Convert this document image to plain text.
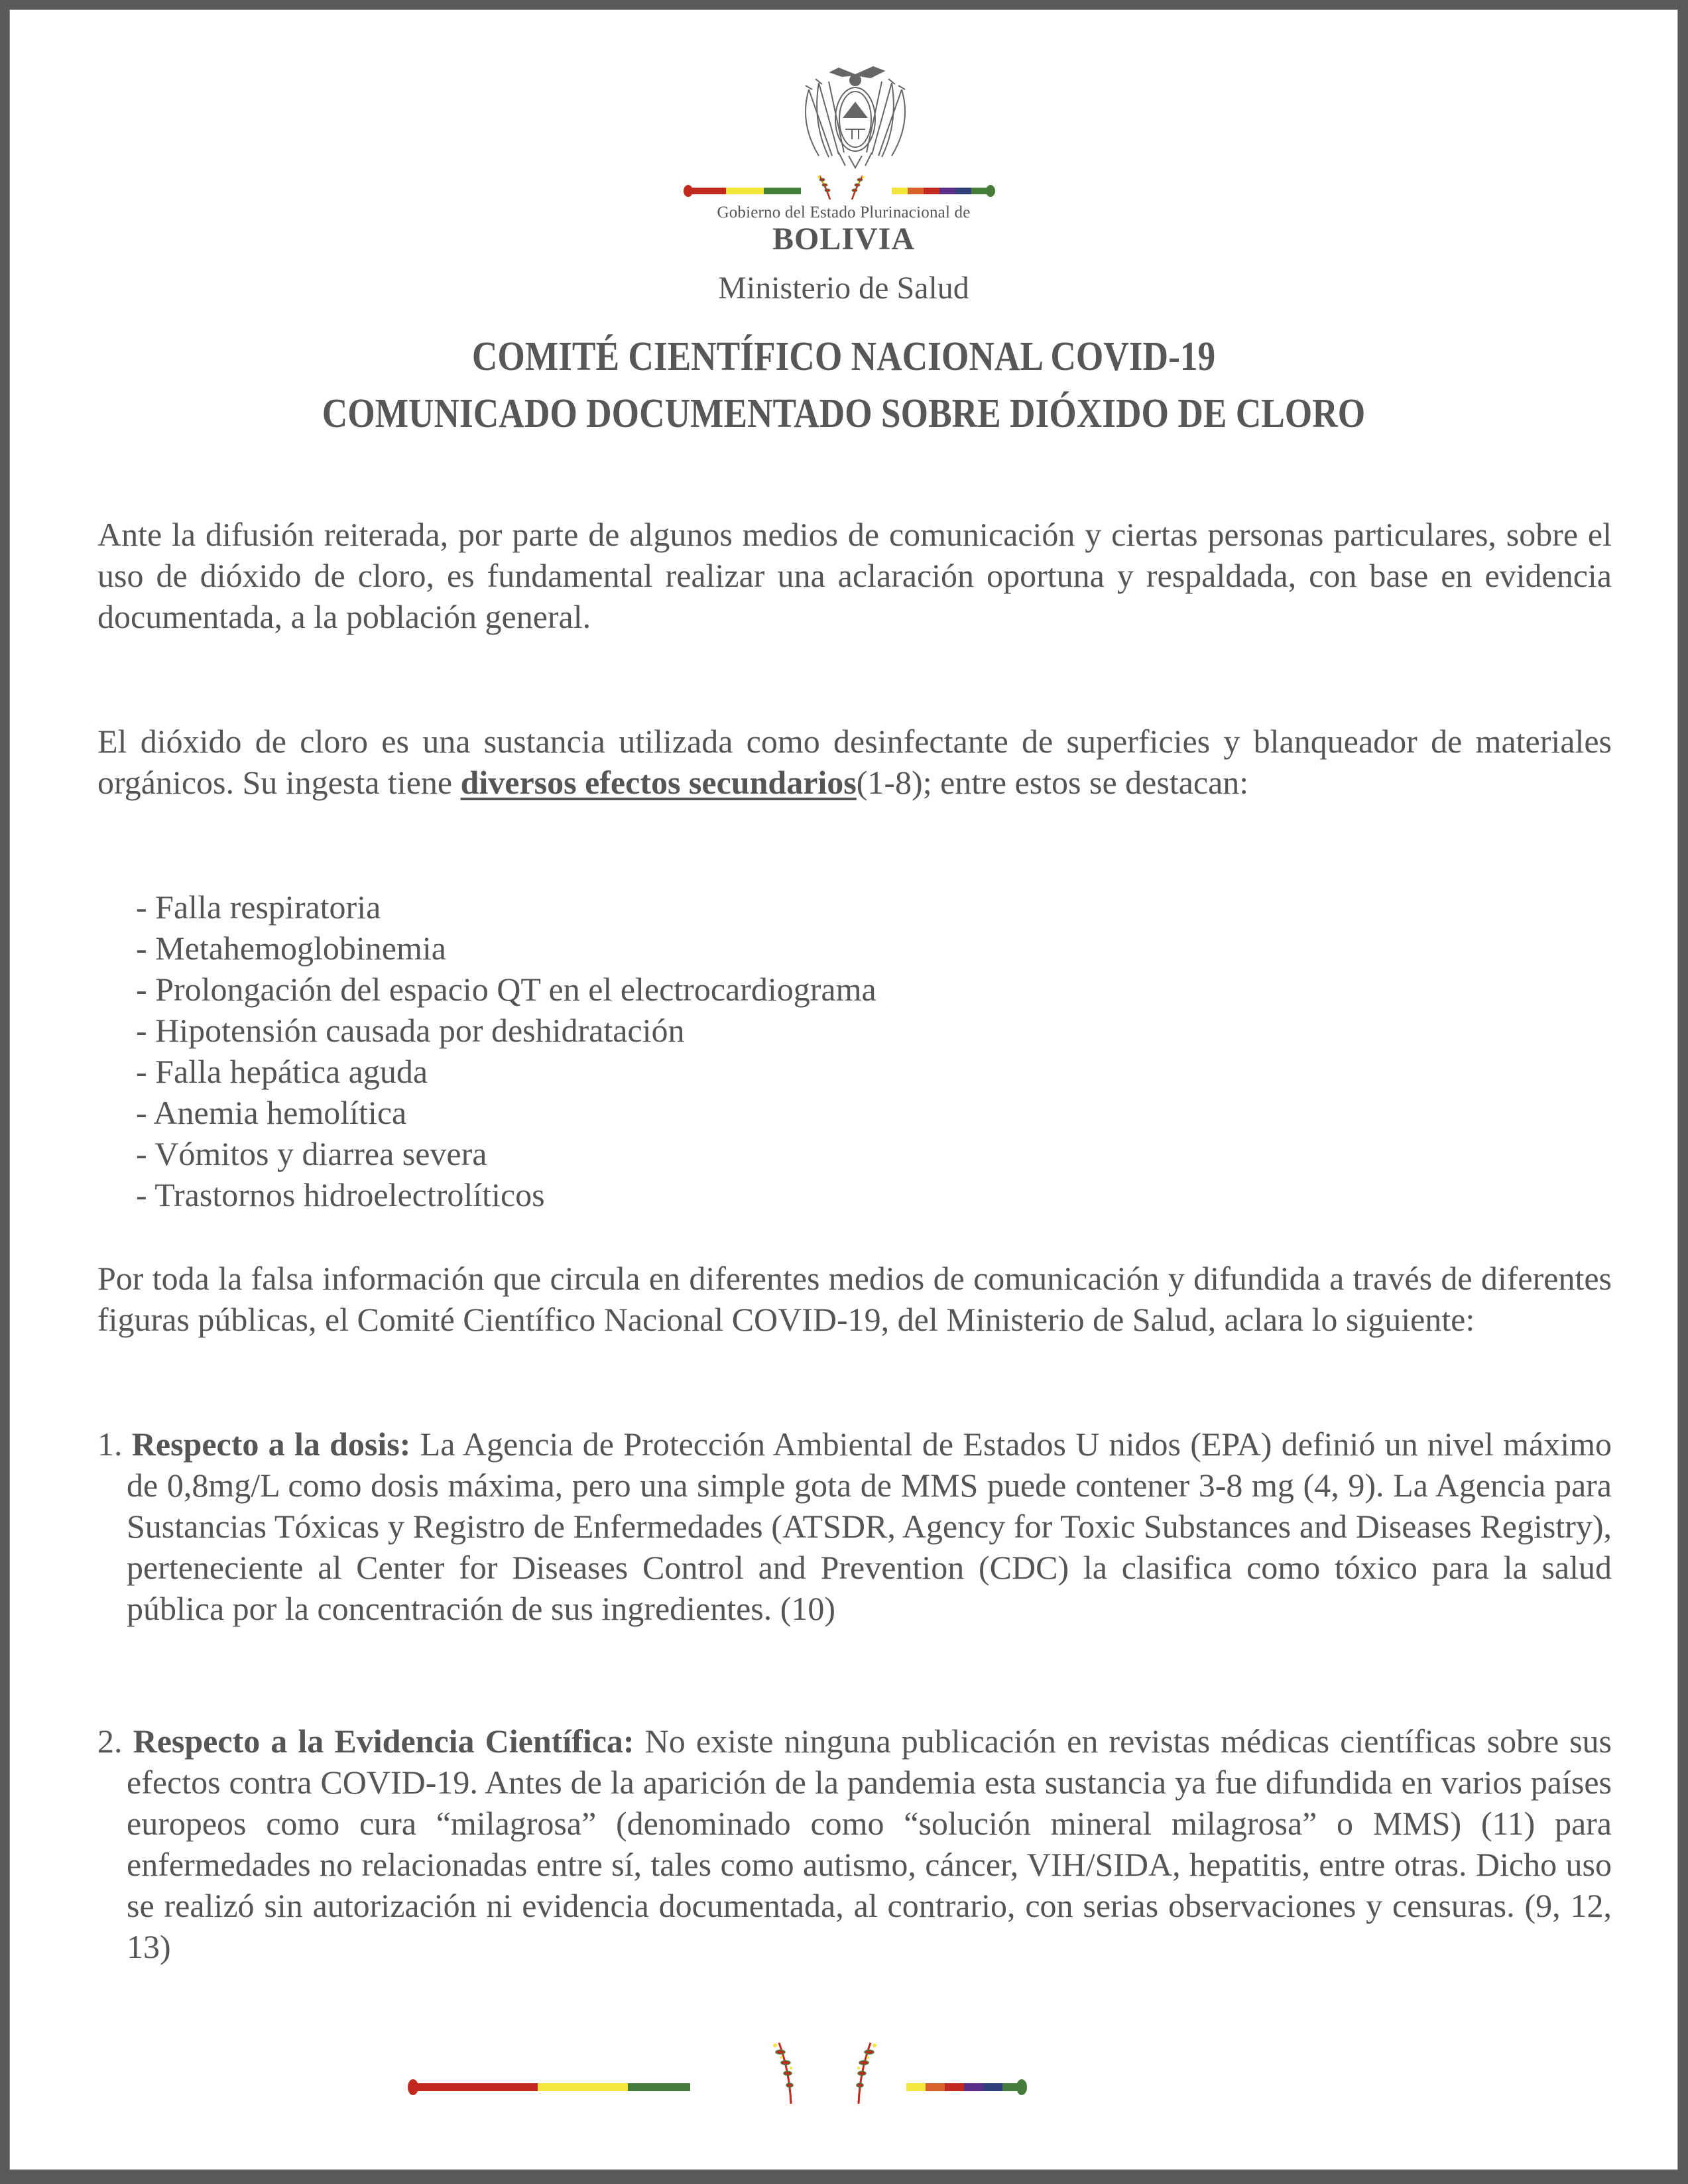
Gobierno del Estado Plurinacional de
BOLIVIA
Ministerio de Salud
COMITÉ CIENTÍFICO NACIONAL COVID-19
COMUNICADO DOCUMENTADO SOBRE DIÓXIDO DE CLORO

Ante la difusión reiterada, por parte de algunos medios de comunicación y ciertas personas particulares, sobre el uso de dióxido de cloro, es fundamental realizar una aclaración oportuna y respaldada, con base en evidencia documentada, a la población general.

El dióxido de cloro es una sustancia utilizada como desinfectante de superficies y blanqueador de materiales orgánicos. Su ingesta tiene diversos efectos secundarios(1-8); entre estos se destacan:

- Falla respiratoria
- Metahemoglobinemia
- Prolongación del espacio QT en el electrocardiograma
- Hipotensión causada por deshidratación
- Falla hepática aguda
- Anemia hemolítica
- Vómitos y diarrea severa
- Trastornos hidroelectrolíticos

Por toda la falsa información que circula en diferentes medios de comunicación y difundida a través de diferentes figuras públicas, el Comité Científico Nacional COVID-19, del Ministerio de Salud, aclara lo siguiente:

1. Respecto a la dosis: La Agencia de Protección Ambiental de Estados U nidos (EPA) definió un nivel máximo de 0,8mg/L como dosis máxima, pero una simple gota de MMS puede contener 3-8 mg (4, 9). La Agencia para Sustancias Tóxicas y Registro de Enfermedades (ATSDR, Agency for Toxic Substances and Diseases Registry), perteneciente al Center for Diseases Control and Prevention (CDC) la clasifica como tóxico para la salud pública por la concentración de sus ingredientes. (10)

2. Respecto a la Evidencia Científica: No existe ninguna publicación en revistas médicas científicas sobre sus efectos contra COVID-19. Antes de la aparición de la pandemia esta sustancia ya fue difundida en varios países europeos como cura “milagrosa” (denominado como “solución mineral milagrosa” o MMS) (11) para enfermedades no relacionadas entre sí, tales como autismo, cáncer, VIH/SIDA, hepatitis, entre otras. Dicho uso se realizó sin autorización ni evidencia documentada, al contrario, con serias observaciones y censuras. (9, 12, 13)
